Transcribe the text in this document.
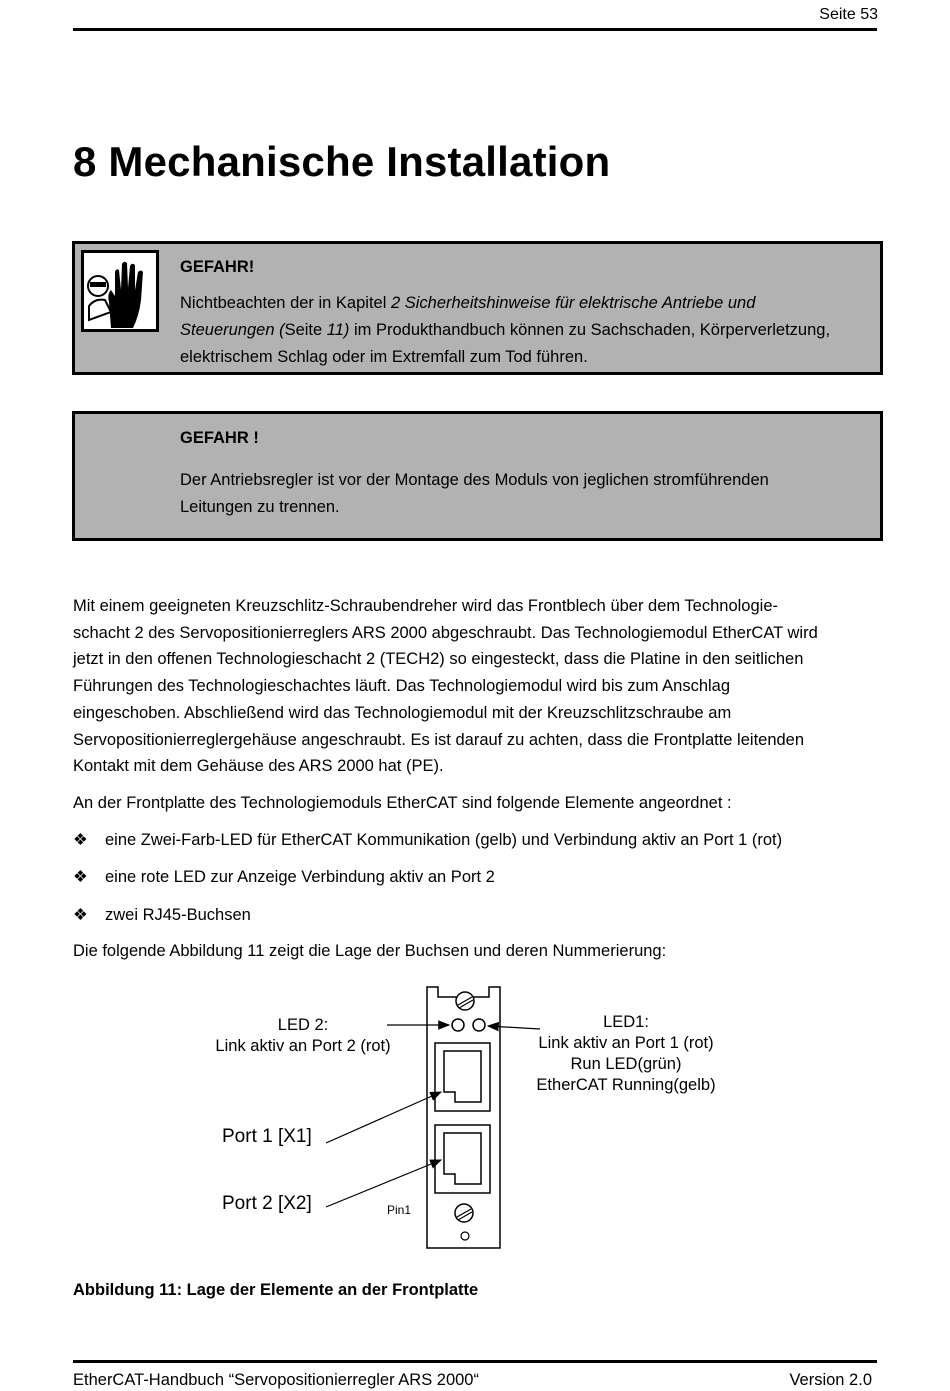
Seite 53
8 Mechanische Installation
GEFAHR!
Nichtbeachten der in Kapitel 2 Sicherheitshinweise für elektrische Antriebe und
Steuerungen (Seite 11) im Produkthandbuch können zu Sachschaden, Körperverletzung,
elektrischem Schlag oder im Extremfall zum Tod führen.
GEFAHR !
Der Antriebsregler ist vor der Montage des Moduls von jeglichen stromführenden
Leitungen zu trennen.

Mit einem geeigneten Kreuzschlitz-Schraubendreher wird das Frontblech über dem Technologie-
schacht 2 des Servopositionierreglers ARS 2000 abgeschraubt. Das Technologiemodul EtherCAT wird
jetzt in den offenen Technologieschacht 2 (TECH2) so eingesteckt, dass die Platine in den seitlichen
Führungen des Technologieschachtes läuft. Das Technologiemodul wird bis zum Anschlag
eingeschoben. Abschließend wird das Technologiemodul mit der Kreuzschlitzschraube am
Servopositionierreglergehäuse angeschraubt. Es ist darauf zu achten, dass die Frontplatte leitenden
Kontakt mit dem Gehäuse des ARS 2000 hat (PE).

An der Frontplatte des Technologiemoduls EtherCAT sind folgende Elemente angeordnet :

❖ eine Zwei-Farb-LED für EtherCAT Kommunikation (gelb) und Verbindung aktiv an Port 1 (rot)
❖ eine rote LED zur Anzeige Verbindung aktiv an Port 2
❖ zwei RJ45-Buchsen
Die folgende Abbildung 11 zeigt die Lage der Buchsen und deren Nummerierung:
LED 2:
Link aktiv an Port 2 (rot)
LED1:
Link aktiv an Port 1 (rot)
Run LED(grün)
EtherCAT Running(gelb)
Port 1 [X1]
Port 2 [X2]	Pin1
Abbildung 11: Lage der Elemente an der Frontplatte
EtherCAT-Handbuch “Servopositionierregler ARS 2000“	Version 2.0
